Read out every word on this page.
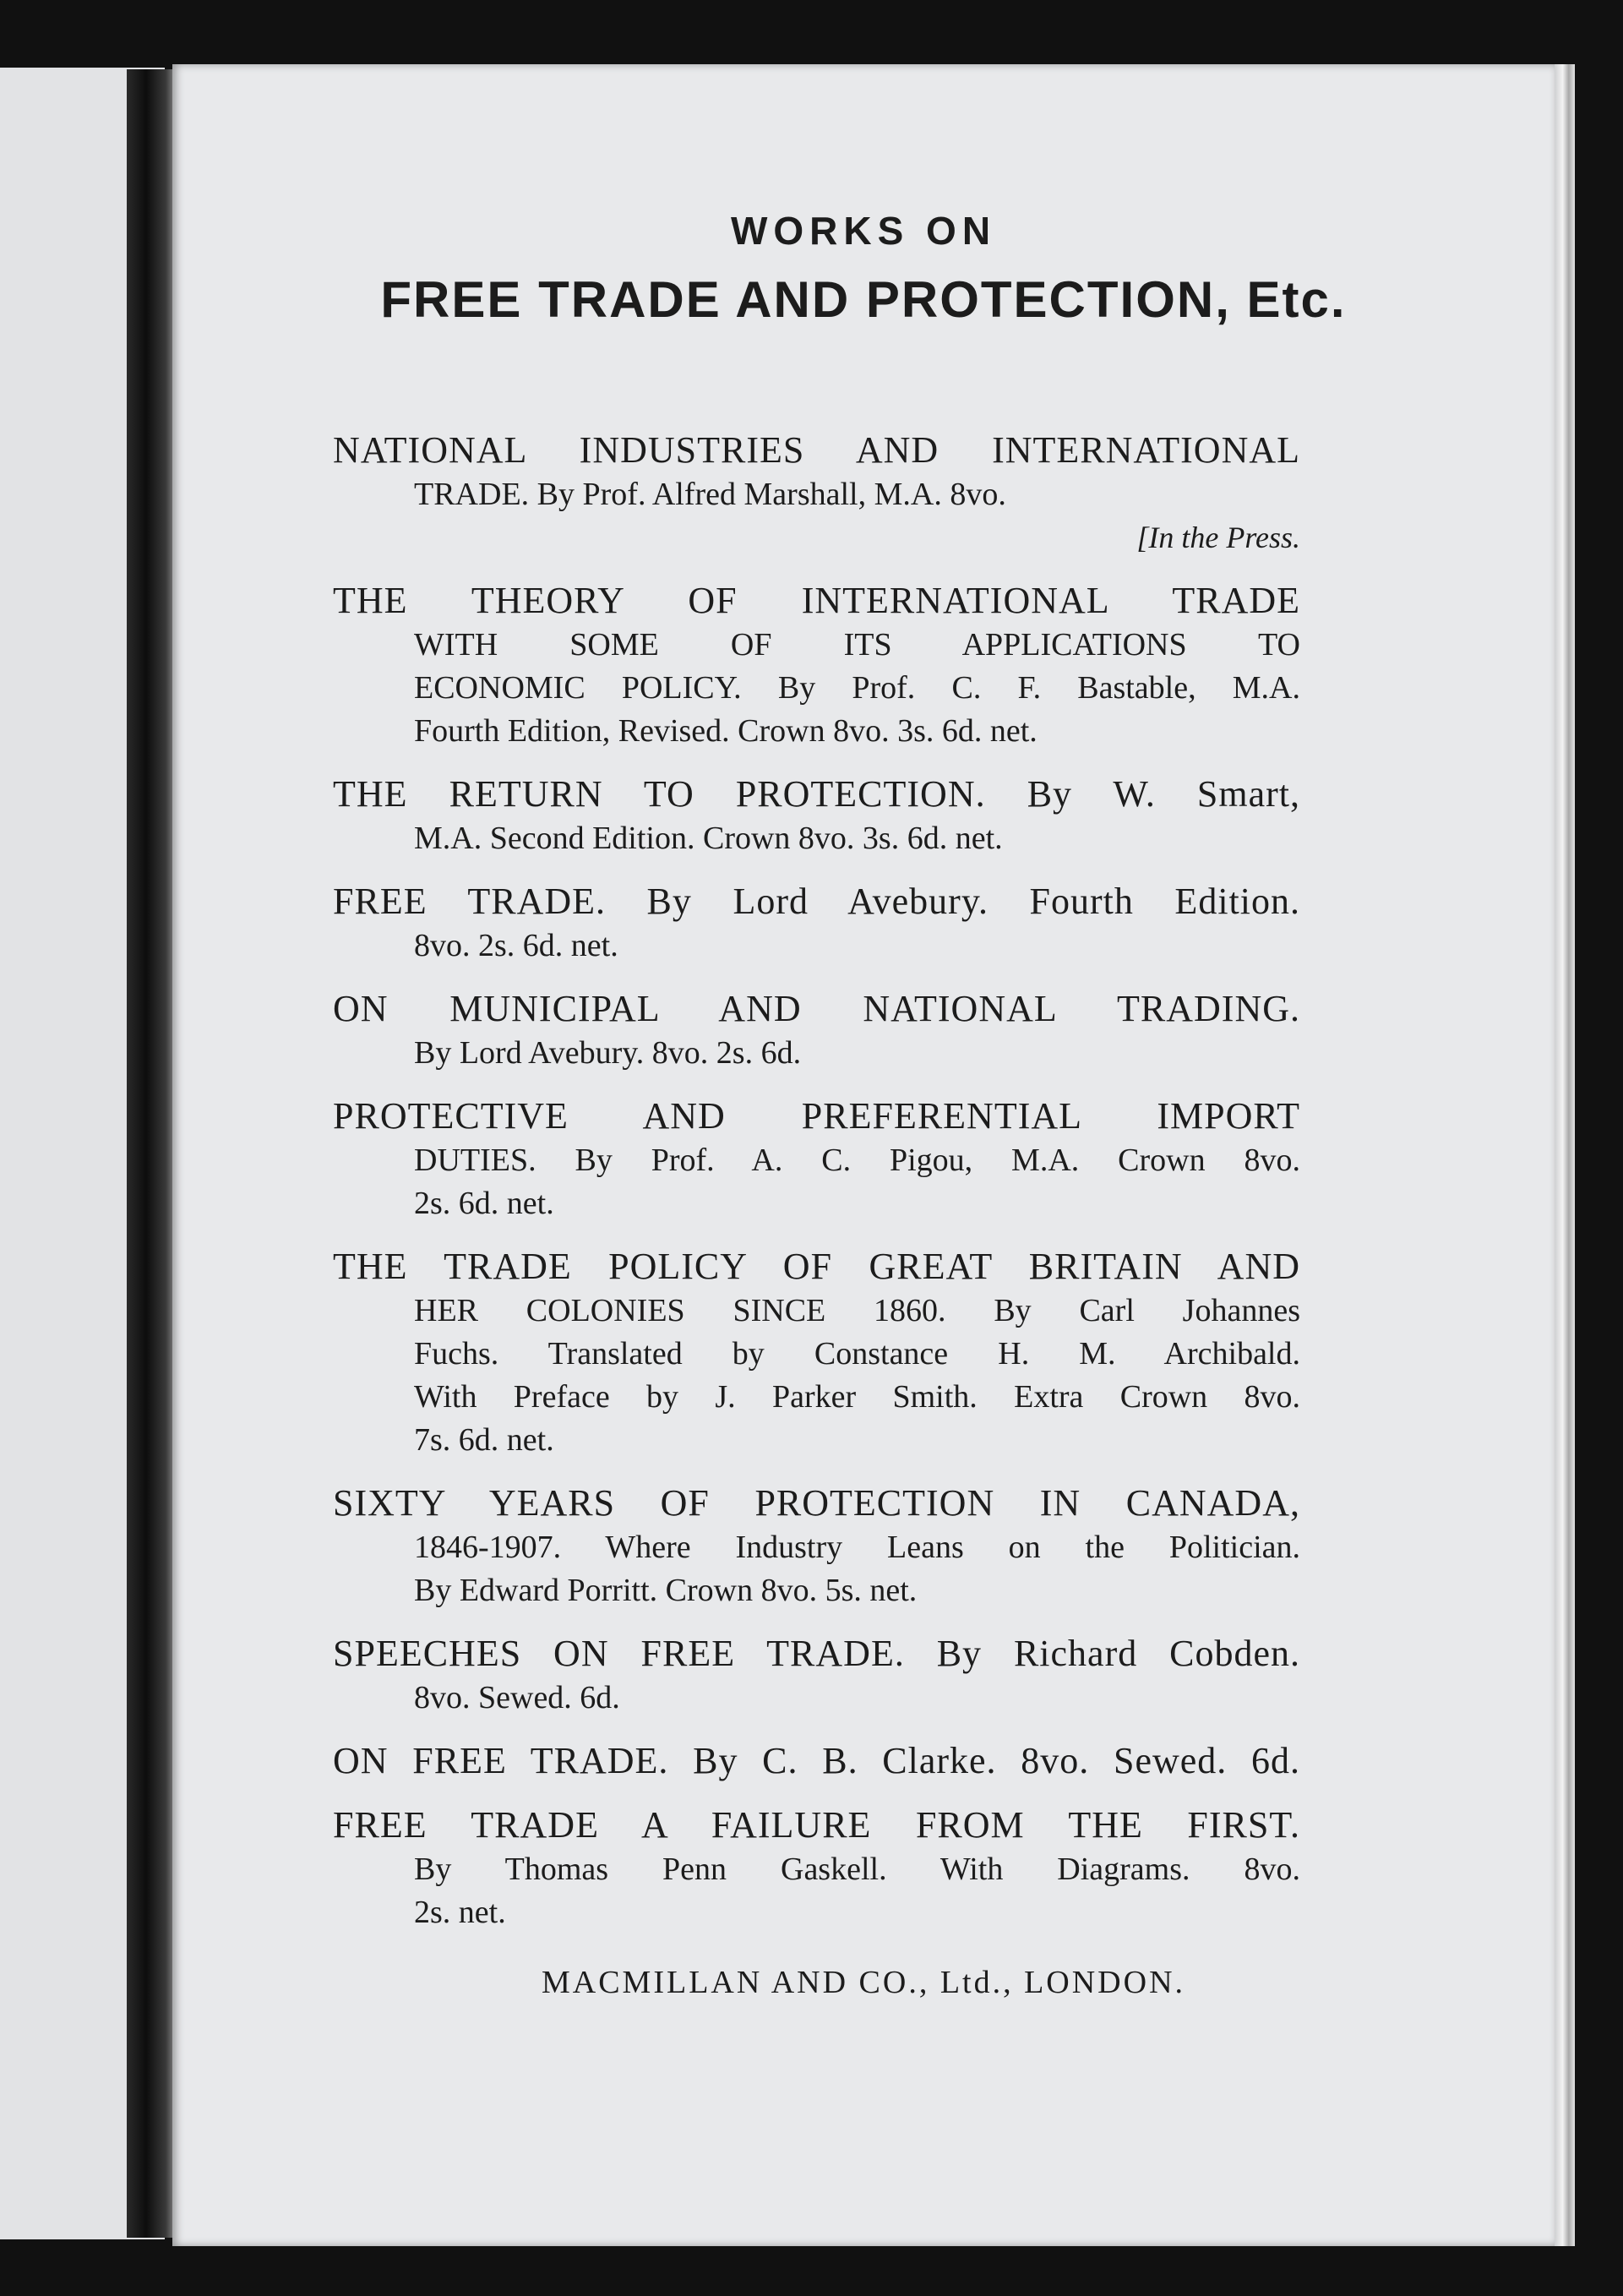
WORKS ON
FREE TRADE AND PROTECTION, Etc.
NATIONAL INDUSTRIES AND INTERNATIONAL
TRADE. By Prof. Alfred Marshall, M.A. 8vo.
[In the Press.
THE THEORY OF INTERNATIONAL TRADE
WITH SOME OF ITS APPLICATIONS TO
ECONOMIC POLICY. By Prof. C. F. Bastable, M.A.
Fourth Edition, Revised. Crown 8vo. 3s. 6d. net.
THE RETURN TO PROTECTION. By W. Smart,
M.A. Second Edition. Crown 8vo. 3s. 6d. net.
FREE TRADE. By Lord Avebury. Fourth Edition.
8vo. 2s. 6d. net.
ON MUNICIPAL AND NATIONAL TRADING.
By Lord Avebury. 8vo. 2s. 6d.
PROTECTIVE AND PREFERENTIAL IMPORT
DUTIES. By Prof. A. C. Pigou, M.A. Crown 8vo.
2s. 6d. net.
THE TRADE POLICY OF GREAT BRITAIN AND
HER COLONIES SINCE 1860. By Carl Johannes
Fuchs. Translated by Constance H. M. Archibald.
With Preface by J. Parker Smith. Extra Crown 8vo.
7s. 6d. net.
SIXTY YEARS OF PROTECTION IN CANADA,
1846-1907. Where Industry Leans on the Politician.
By Edward Porritt. Crown 8vo. 5s. net.
SPEECHES ON FREE TRADE. By Richard Cobden.
8vo. Sewed. 6d.
ON FREE TRADE. By C. B. Clarke. 8vo. Sewed. 6d.
FREE TRADE A FAILURE FROM THE FIRST.
By Thomas Penn Gaskell. With Diagrams. 8vo.
2s. net.
MACMILLAN AND CO., Ltd., LONDON.
